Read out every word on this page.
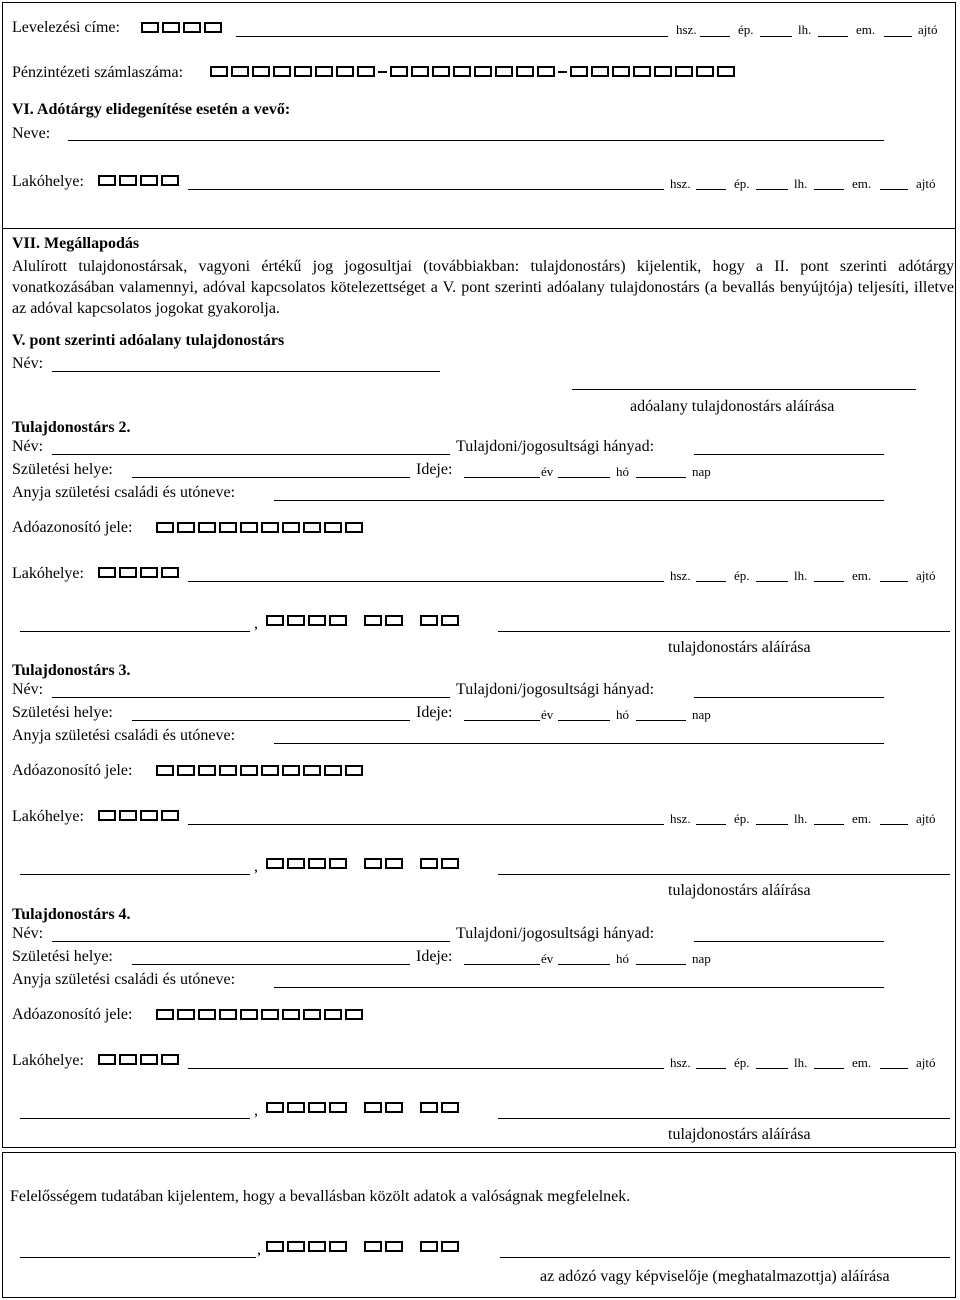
Levelezési címe:	hsz.	ép.	lh.	em.	ajtó
Pénzintézeti számlaszáma:
VI. Adótárgy elidegenítése esetén a vevő:
Neve:
Lakóhelye:	hsz.	ép.	lh.	em.	ajtó
VII. Megállapodás
Alulírott tulajdonostársak, vagyoni értékű jog jogosultjai (továbbiakban: tulajdonostárs) kijelentik, hogy a II. pont szerinti adótárgy vonatkozásában valamennyi, adóval kapcsolatos kötelezettséget a V. pont szerinti adóalany tulajdonostárs (a bevallás benyújtója) teljesíti, illetve az adóval kapcsolatos jogokat gyakorolja.
V. pont szerinti adóalany tulajdonostárs
Név:
adóalany tulajdonostárs aláírása
Tulajdonostárs 2.
Név:	Tulajdoni/jogosultsági hányad:
Születési helye:	Ideje:	év	hó	nap
Anyja születési családi és utóneve:
Adóazonosító jele:
Lakóhelye:	hsz.	ép.	lh.	em.	ajtó
,
tulajdonostárs aláírása
Tulajdonostárs 3.
Név:	Tulajdoni/jogosultsági hányad:
Születési helye:	Ideje:	év	hó	nap
Anyja születési családi és utóneve:
Adóazonosító jele:
Lakóhelye:	hsz.	ép.	lh.	em.	ajtó
,
tulajdonostárs aláírása
Tulajdonostárs 4.
Név:	Tulajdoni/jogosultsági hányad:
Születési helye:	Ideje:	év	hó	nap
Anyja születési családi és utóneve:
Adóazonosító jele:
Lakóhelye:	hsz.	ép.	lh.	em.	ajtó
,
tulajdonostárs aláírása
Felelősségem tudatában kijelentem, hogy a bevallásban közölt adatok a valóságnak megfelelnek.
,
az adózó vagy képviselője (meghatalmazottja) aláírása
